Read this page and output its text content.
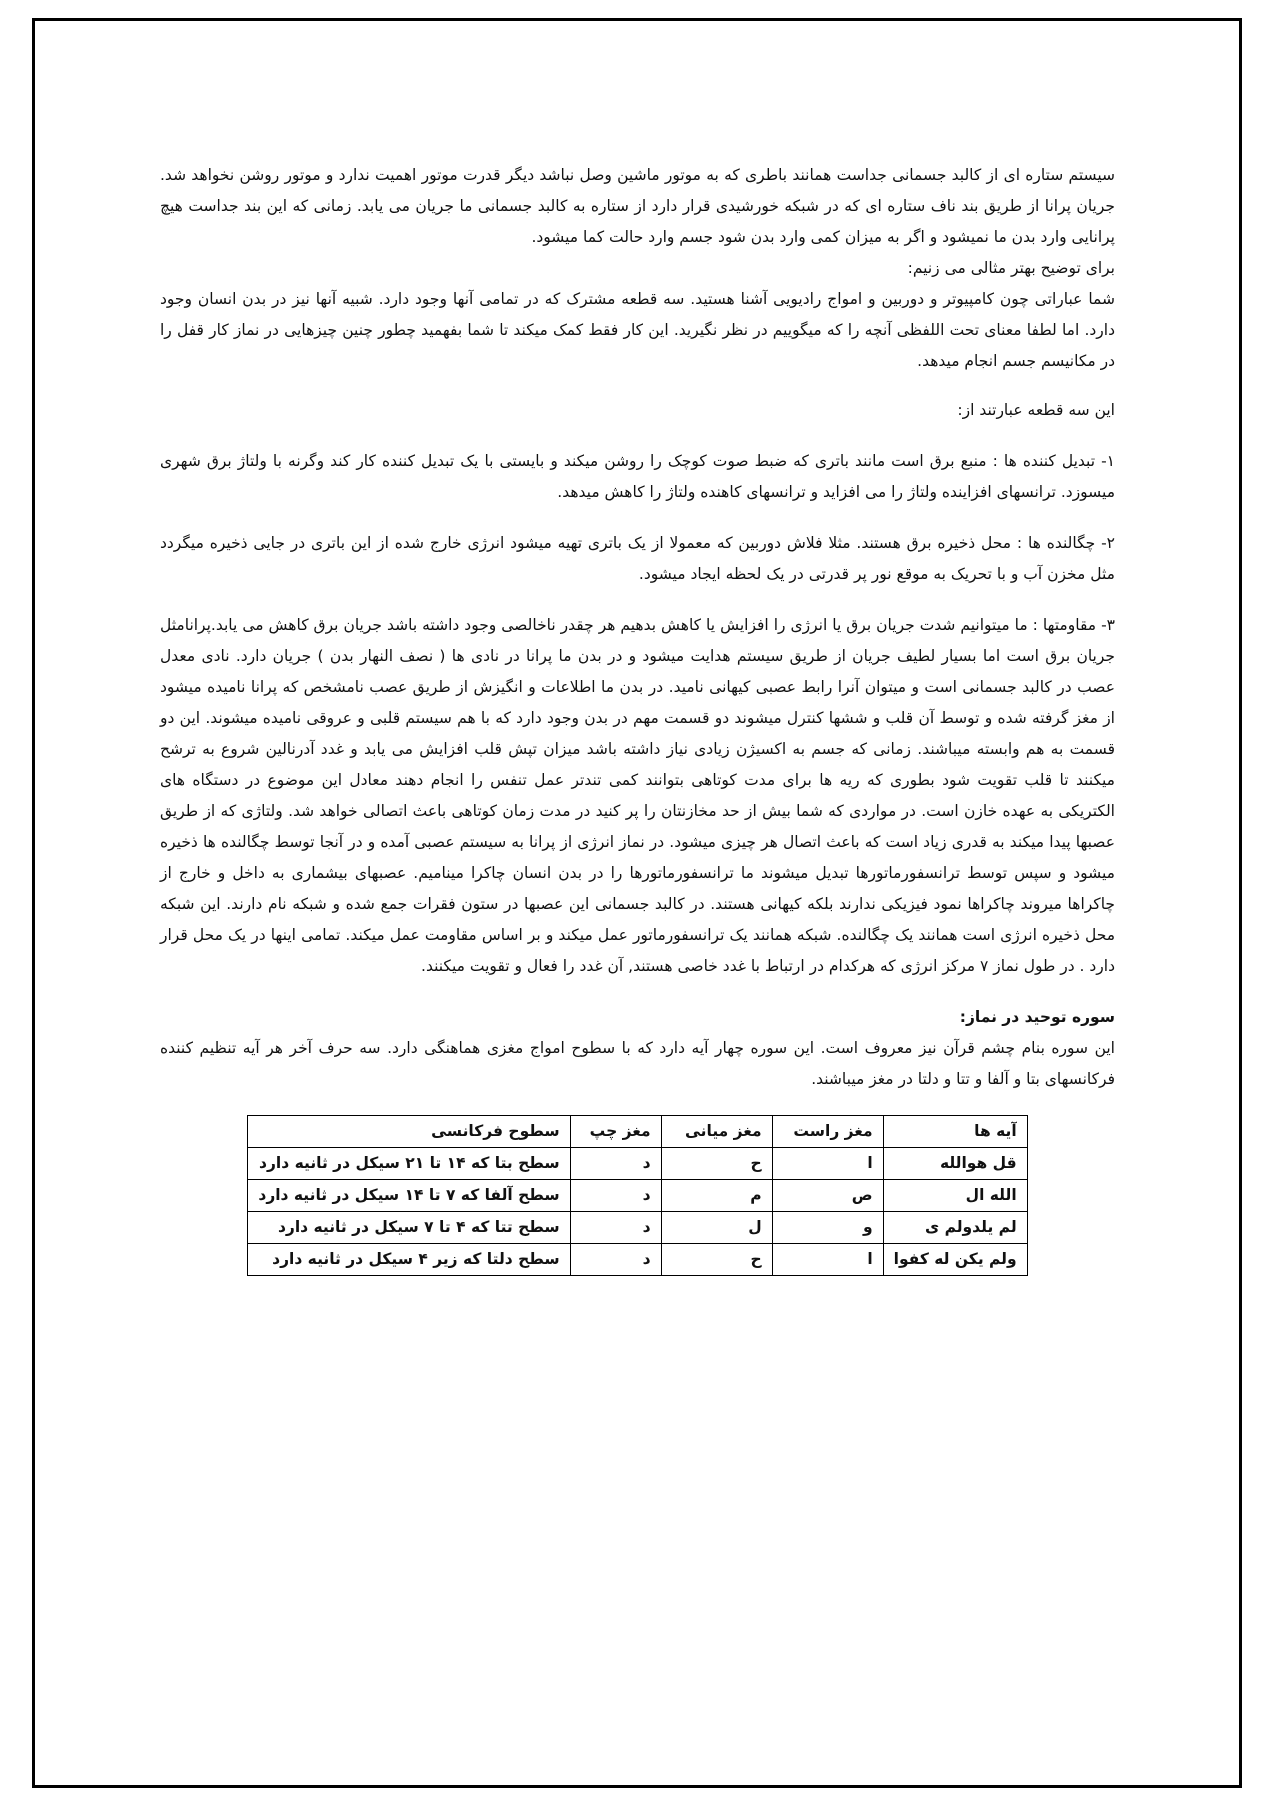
سیستم ستاره ای از کالبد جسمانی جداست همانند باطری که به موتور ماشین وصل نباشد دیگر قدرت موتور اهمیت ندارد و موتور روشن نخواهد شد. جریان پرانا از طریق بند ناف ستاره ای که در شبکه خورشیدی قرار دارد از ستاره به کالبد جسمانی ما جریان می یابد. زمانی که این بند جداست هیچ پرانایی وارد بدن ما نمیشود و اگر به میزان کمی وارد بدن شود جسم وارد حالت کما میشود.

برای توضیح بهتر مثالی می زنیم:

شما عباراتی چون کامپیوتر و دوربین و امواج رادیویی آشنا هستید. سه قطعه مشترک که در تمامی آنها وجود دارد. شبیه آنها نیز در بدن انسان وجود دارد. اما لطفا معنای تحت اللفظی آنچه را که میگوییم در نظر نگیرید. این کار فقط کمک میکند تا شما بفهمید چطور چنین چیزهایی در نماز کار قفل را در مکانیسم جسم انجام میدهد.

این سه قطعه عبارتند از:

۱- تبدیل کننده ها : منبع برق است مانند باتری که ضبط صوت کوچک را روشن میکند و بایستی با یک تبدیل کننده کار کند وگرنه با ولتاژ برق شهری میسوزد. ترانسهای افزاینده ولتاژ را می افزاید و ترانسهای کاهنده ولتاژ را کاهش میدهد.

۲- چگالنده ها : محل ذخیره برق هستند. مثلا فلاش دوربین که معمولا از یک باتری تهیه میشود انرژی خارج شده از این باتری در جایی ذخیره میگردد مثل مخزن آب و با تحریک به موقع نور پر قدرتی در یک لحظه ایجاد میشود.

۳- مقاومتها : ما میتوانیم شدت جریان برق یا انرژی را افزایش یا کاهش بدهیم هر چقدر ناخالصی وجود داشته باشد جریان برق کاهش می یابد.پرانامثل جریان برق است اما بسیار لطیف جریان از طریق سیستم هدایت میشود و در بدن ما پرانا در نادی ها ( نصف النهار بدن ) جریان دارد. نادی معدل عصب در کالبد جسمانی است و میتوان آنرا رابط عصبی کیهانی نامید. در بدن ما اطلاعات و انگیزش از طریق عصب نامشخص که پرانا نامیده میشود از مغز گرفته شده و توسط آن قلب و ششها کنترل میشوند دو قسمت مهم در بدن وجود دارد که با هم سیستم قلبی و عروقی نامیده میشوند. این دو قسمت به هم وابسته میباشند. زمانی که جسم به اکسیژن زیادی نیاز داشته باشد میزان تپش قلب افزایش می یابد و غدد آدرنالین شروع به ترشح میکنند تا قلب تقویت شود بطوری که ریه ها برای مدت کوتاهی بتوانند کمی تندتر عمل تنفس را انجام دهند معادل این موضوع در دستگاه های الکتریکی به عهده خازن است. در مواردی که شما بیش از حد مخازنتان را پر کنید در مدت زمان کوتاهی باعث اتصالی خواهد شد. ولتاژی که از طریق عصبها پیدا میکند به قدری زیاد است که باعث اتصال هر چیزی میشود. در نماز انرژی از پرانا به سیستم عصبی آمده و در آنجا توسط چگالنده ها ذخیره میشود و سپس توسط ترانسفورماتورها تبدیل میشوند ما ترانسفورماتورها را در بدن انسان چاکرا مینامیم. عصبهای بیشماری به داخل و خارج از چاکراها میروند چاکراها نمود فیزیکی ندارند بلکه کیهانی هستند. در کالبد جسمانی این عصبها در ستون فقرات جمع شده و شبکه نام دارند. این شبکه محل ذخیره انرژی است همانند یک چگالنده. شبکه همانند یک ترانسفورماتور عمل میکند و بر اساس مقاومت عمل میکند. تمامی اینها در یک محل قرار دارد . در طول نماز ۷ مرکز انرژی که هرکدام در ارتباط با غدد خاصی هستند, آن غدد را فعال و تقویت میکنند.

سوره توحید در نماز:

این سوره بنام چشم قرآن نیز معروف است. این سوره چهار آیه دارد که با سطوح امواج مغزی هماهنگی دارد. سه حرف آخر هر آیه تنظیم کننده فرکانسهای بتا و آلفا و تتا و دلتا در مغز میباشند.

آیه ها	مغز راست	مغز میانی	مغز چپ	سطوح فرکانسی
قل هوالله	ا	ح	د	سطح بتا که ۱۴ تا ۲۱ سیکل در ثانیه دارد
الله ال	ص	م	د	سطح آلفا که ۷ تا ۱۴ سیکل در ثانیه دارد
لم یلدولم ی	و	ل	د	سطح تتا که ۴ تا ۷ سیکل در ثانیه دارد
ولم یکن له کفوا	ا	ح	د	سطح دلتا که زیر ۴ سیکل در ثانیه دارد
